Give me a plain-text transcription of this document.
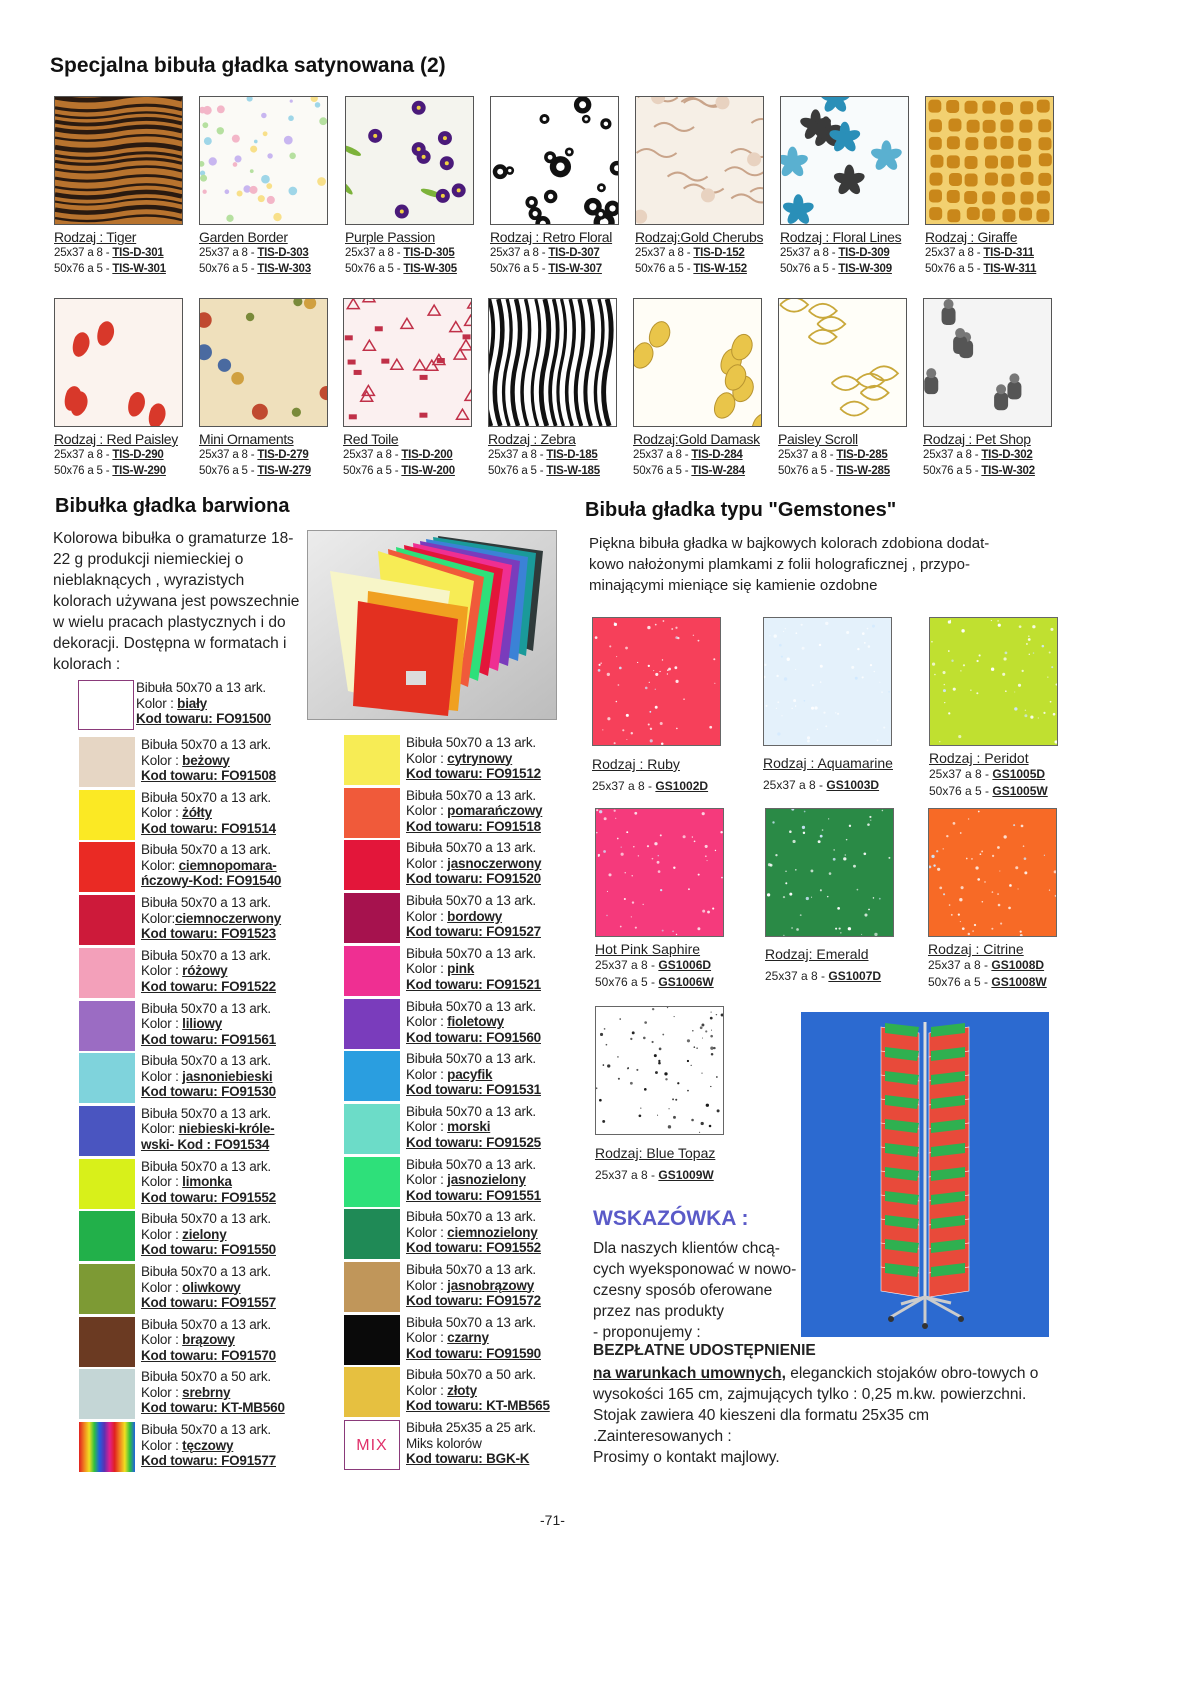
Specjalna bibuła gładka satynowana (2)
Rodzaj : Tiger
25x37 a 8 - TIS-D-301
50x76 a 5 - TIS-W-301
Garden Border
25x37 a 8 - TIS-D-303
50x76 a 5 - TIS-W-303
Purple Passion
25x37 a 8 - TIS-D-305
50x76 a 5 - TIS-W-305
Rodzaj : Retro Floral
25x37 a 8 - TIS-D-307
50x76 a 5 - TIS-W-307
Rodzaj:Gold Cherubs
25x37 a 8 - TIS-D-152
50x76 a 5 - TIS-W-152
Rodzaj : Floral Lines
25x37 a 8 - TIS-D-309
50x76 a 5 - TIS-W-309
Rodzaj : Giraffe
25x37 a 8 - TIS-D-311
50x76 a 5 - TIS-W-311
Rodzaj : Red Paisley
25x37 a 8 - TIS-D-290
50x76 a 5 - TIS-W-290
Mini Ornaments
25x37 a 8 - TIS-D-279
50x76 a 5 - TIS-W-279
Red Toile
25x37 a 8 - TIS-D-200
50x76 a 5 - TIS-W-200
Rodzaj : Zebra
25x37 a 8 - TIS-D-185
50x76 a 5 - TIS-W-185
Rodzaj:Gold Damask
25x37 a 8 - TIS-D-284
50x76 a 5 - TIS-W-284
Paisley Scroll
25x37 a 8 - TIS-D-285
50x76 a 5 - TIS-W-285
Rodzaj : Pet Shop
25x37 a 8 - TIS-D-302
50x76 a 5 - TIS-W-302
Bibułka gładka barwiona
Kolorowa bibułka o gramaturze 18-22 g produkcji niemieckiej o nieblaknących , wyrazistych kolorach używana jest powszechnie w wielu pracach plastycznych i do dekoracji. Dostępna w formatach i kolorach :
Bibuła 50x70 a 13 ark.
Kolor : biały
Kod towaru: FO91500
Bibuła 50x70 a 13 ark.
Kolor : beżowy
Kod towaru: FO91508
Bibuła 50x70 a 13 ark.
Kolor : żółty
Kod towaru: FO91514
Bibuła 50x70 a 13 ark.
Kolor: ciemnopomara-
ńczowy-Kod: FO91540
Bibuła 50x70 a 13 ark.
Kolor:ciemnoczerwony
Kod towaru: FO91523
Bibuła 50x70 a 13 ark.
Kolor : różowy
Kod towaru: FO91522
Bibuła 50x70 a 13 ark.
Kolor : liliowy
Kod towaru: FO91561
Bibuła 50x70 a 13 ark.
Kolor : jasnoniebieski
Kod towaru: FO91530
Bibuła 50x70 a 13 ark.
Kolor: niebieski-króle-
wski- Kod : FO91534
Bibuła 50x70 a 13 ark.
Kolor : limonka
Kod towaru: FO91552
Bibuła 50x70 a 13 ark.
Kolor : zielony
Kod towaru: FO91550
Bibuła 50x70 a 13 ark.
Kolor : oliwkowy
Kod towaru: FO91557
Bibuła 50x70 a 13 ark.
Kolor : brązowy
Kod towaru: FO91570
Bibuła 50x70 a 50 ark.
Kolor : srebrny
Kod towaru: KT-MB560
Bibuła 50x70 a 13 ark.
Kolor : tęczowy
Kod towaru: FO91577
Bibuła 50x70 a 13 ark.
Kolor : cytrynowy
Kod towaru: FO91512
Bibuła 50x70 a 13 ark.
Kolor : pomarańczowy
Kod towaru: FO91518
Bibuła 50x70 a 13 ark.
Kolor : jasnoczerwony
Kod towaru: FO91520
Bibuła 50x70 a 13 ark.
Kolor : bordowy
Kod towaru: FO91527
Bibuła 50x70 a 13 ark.
Kolor : pink
Kod towaru: FO91521
Bibuła 50x70 a 13 ark.
Kolor : fioletowy
Kod towaru: FO91560
Bibuła 50x70 a 13 ark.
Kolor : pacyfik
Kod towaru: FO91531
Bibuła 50x70 a 13 ark.
Kolor : morski
Kod towaru: FO91525
Bibuła 50x70 a 13 ark.
Kolor : jasnozielony
Kod towaru: FO91551
Bibuła 50x70 a 13 ark.
Kolor : ciemnozielony
Kod towaru: FO91552
Bibuła 50x70 a 13 ark.
Kolor : jasnobrązowy
Kod towaru: FO91572
Bibuła 50x70 a 13 ark.
Kolor : czarny
Kod towaru: FO91590
Bibuła 50x70 a 50 ark.
Kolor : złoty
Kod towaru: KT-MB565
MIX
Bibuła 25x35 a 25 ark.
Miks kolorów
Kod towaru: BGK-K
Bibuła gładka typu "Gemstones"
Piękna bibuła gładka w bajkowych kolorach zdobiona dodat-kowo nałożonymi plamkami z folii holograficznej , przypo-minającymi mieniące się kamienie ozdobne
Rodzaj : Ruby
25x37 a 8 - GS1002D
Rodzaj : Aquamarine
25x37 a 8 - GS1003D
Rodzaj : Peridot
25x37 a 8 - GS1005D
50x76 a 5 - GS1005W
Hot Pink Saphire
25x37 a 8 - GS1006D
50x76 a 5 - GS1006W
Rodzaj: Emerald
25x37 a 8 - GS1007D
Rodzaj : Citrine
25x37 a 8 - GS1008D
50x76 a 5 - GS1008W
Rodzaj: Blue Topaz
25x37 a 8 - GS1009W
WSKAZÓWKA :
Dla naszych klientów chcą-
cych wyeksponować w nowo-
czesny sposób oferowane
przez nas produkty
- proponujemy :
BEZPŁATNE UDOSTĘPNIENIE
na warunkach umownych, eleganckich stojaków obro-towych o
wysokości 165 cm, zajmujących tylko : 0,25 m.kw. powierzchni.
Stojak zawiera 40 kieszeni dla formatu 25x35 cm
.Zainteresowanych :
Prosimy o kontakt majlowy.
-71-
